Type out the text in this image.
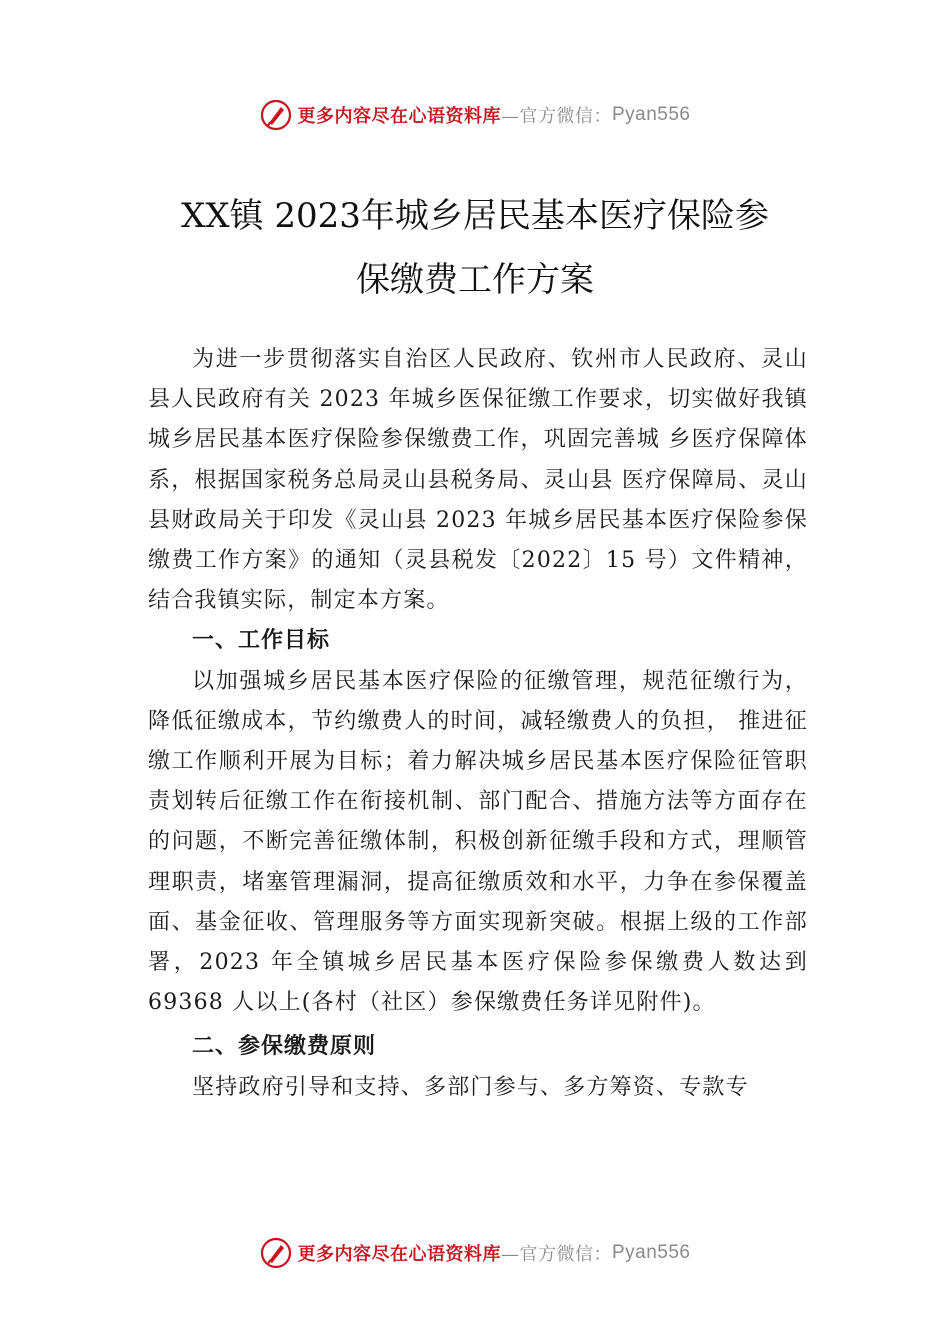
更多内容尽在心语资料库 —官方微信： Pyan556
XX镇 2023年城乡居民基本医疗保险参
保缴费工作方案

为进一步贯彻落实自治区人民政府、钦州市人民政府、灵山县人民政府有关 2023 年城乡医保征缴工作要求，切实做好我镇城乡居民基本医疗保险参保缴费工作，巩固完善城 乡医疗保障体系，根据国家税务总局灵山县税务局、灵山县 医疗保障局、灵山县财政局关于印发《灵山县 2023 年城乡居民基本医疗保险参保缴费工作方案》的通知（灵县税发〔2022〕15 号）文件精神，结合我镇实际，制定本方案。

一、工作目标

以加强城乡居民基本医疗保险的征缴管理，规范征缴行为，降低征缴成本，节约缴费人的时间，减轻缴费人的负担， 推进征缴工作顺利开展为目标；着力解决城乡居民基本医疗保险征管职责划转后征缴工作在衔接机制、部门配合、措施方法等方面存在的问题，不断完善征缴体制，积极创新征缴手段和方式，理顺管理职责，堵塞管理漏洞，提高征缴质效和水平，力争在参保覆盖面、基金征收、管理服务等方面实现新突破。根据上级的工作部署，2023 年全镇城乡居民基本医疗保险参保缴费人数达到 69368 人以上(各村（社区）参保缴费任务详见附件)。

二、参保缴费原则

坚持政府引导和支持、多部门参与、多方筹资、专款专

更多内容尽在心语资料库 —官方微信： Pyan556
